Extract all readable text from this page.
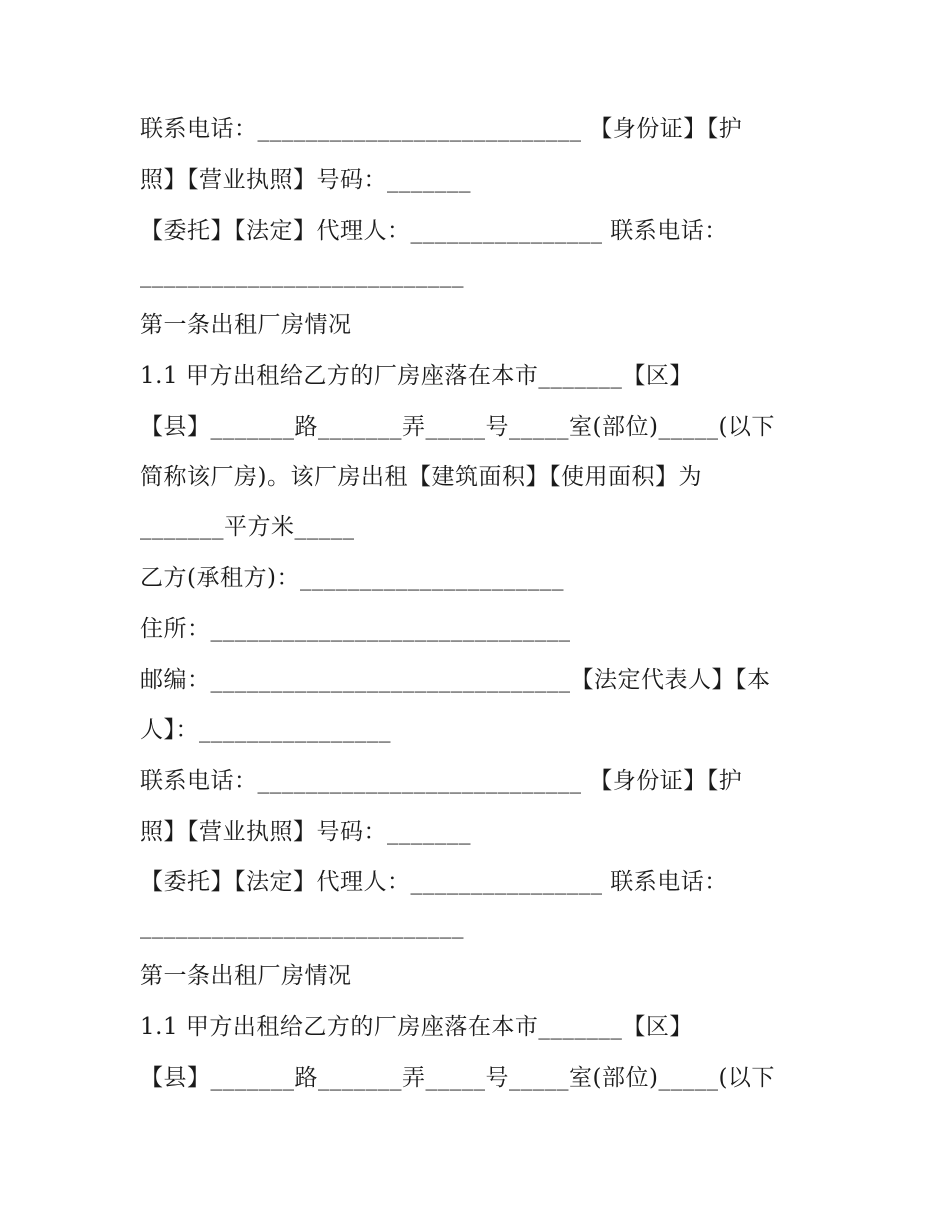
联系电话：___________________________ 【身份证】【护
照】【营业执照】号码：_______
【委托】【法定】代理人：________________ 联系电话：
___________________________
第一条出租厂房情况
1.1 甲方出租给乙方的厂房座落在本市_______【区】
【县】_______路_______弄_____号_____室(部位)_____(以下
简称该厂房)。该厂房出租【建筑面积】【使用面积】为
_______平方米_____
乙方(承租方)：______________________
住所：______________________________
邮编：______________________________【法定代表人】【本
人】：________________
联系电话：___________________________ 【身份证】【护
照】【营业执照】号码：_______
【委托】【法定】代理人：________________ 联系电话：
___________________________
第一条出租厂房情况
1.1 甲方出租给乙方的厂房座落在本市_______【区】
【县】_______路_______弄_____号_____室(部位)_____(以下
